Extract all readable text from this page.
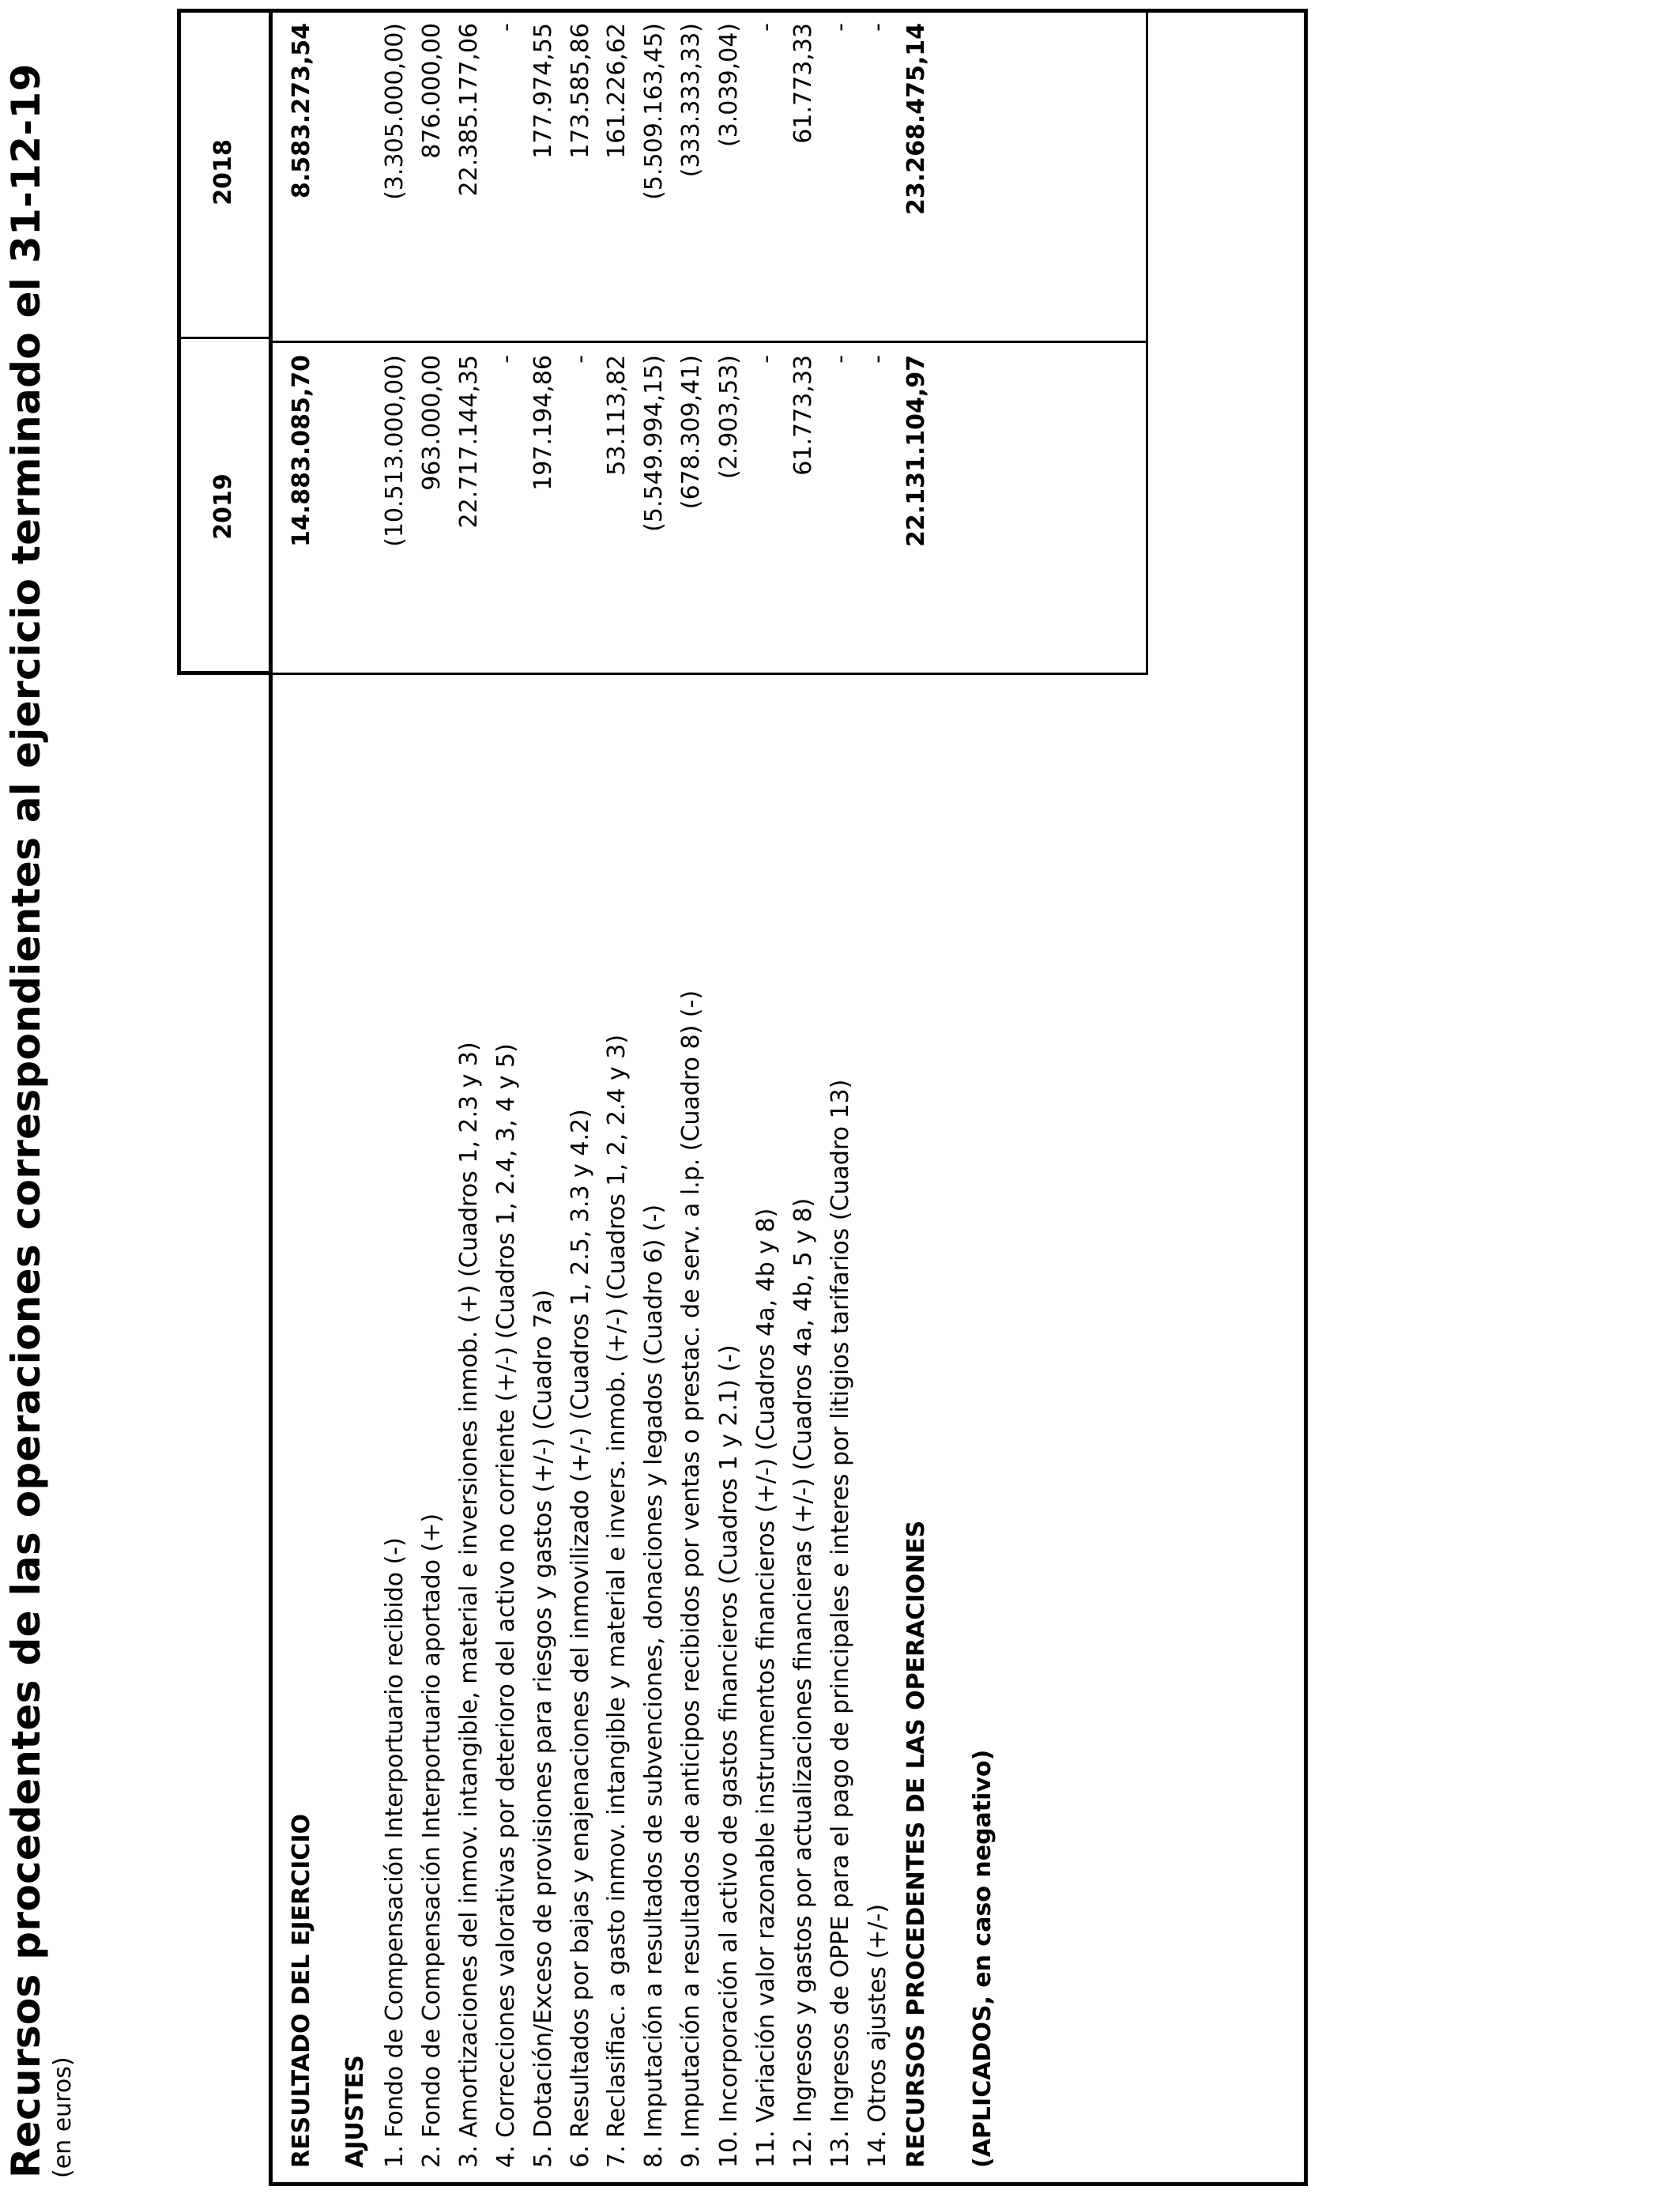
Recursos procedentes de las operaciones correspondientes al ejercicio terminado el 31-12-19 (en euros)
2019
2018
RESULTADO DEL EJERCICIO
14.883.085,70
8.583.273,54
AJUSTES 1. Fondo de Compensación Interportuario recibido (-)
(10.513.000,00)
(3.305.000,00)
2. Fondo de Compensación Interportuario aportado (+)
963.000,00
876.000,00
3. Amortizaciones del inmov. intangible, material e inversiones inmob. (+) (Cuadros 1, 2.3 y 3)
22.717.144,35
22.385.177,06
4. Correcciones valorativas por deterioro del activo no corriente (+/-) (Cuadros 1, 2.4, 3, 4 y 5)
-
-
5. Dotación/Exceso de provisiones para riesgos y gastos (+/-) (Cuadro 7a)
197.194,86
177.974,55
6. Resultados por bajas y enajenaciones del inmovilizado (+/-) (Cuadros 1, 2.5, 3.3 y 4.2)
-
173.585,86
7. Reclasifiac. a gasto inmov. intangible y material e invers. inmob. (+/-) (Cuadros 1, 2, 2.4 y 3)
53.113,82
161.226,62
8. Imputación a resultados de subvenciones, donaciones y legados (Cuadro 6) (-)
(5.549.994,15)
(5.509.163,45)
9. Imputación a resultados de anticipos recibidos por ventas o prestac. de serv. a l.p. (Cuadro 8) (-)
(678.309,41)
(333.333,33)
10. Incorporación al activo de gastos financieros (Cuadros 1 y 2.1) (-)
(2.903,53)
(3.039,04)
11. Variación valor razonable instrumentos financieros (+/-) (Cuadros 4a, 4b y 8)
-
-
12. Ingresos y gastos por actualizaciones financieras (+/-) (Cuadros 4a, 4b, 5 y 8)
61.773,33
61.773,33
13. Ingresos de OPPE para el pago de principales e interes por litigios tarifarios (Cuadro 13)
-
-
14. Otros ajustes (+/-)
-
-
RECURSOS PROCEDENTES DE LAS OPERACIONES
22.131.104,97
23.268.475,14
(APLICADOS, en caso negativo)
